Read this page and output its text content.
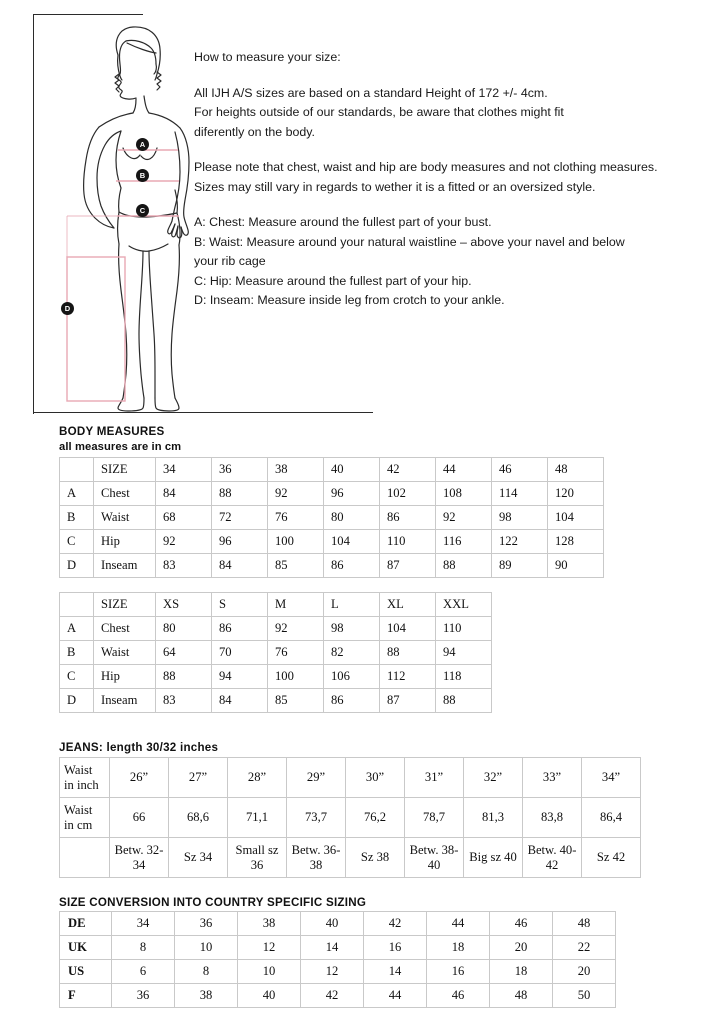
A
B
C
D

How to measure your size:

All IJH A/S sizes are based on a standard Height of 172 +/- 4cm.
For heights outside of our standards, be aware that clothes might fit
diferently on the body.

Please note that chest, waist and hip are body measures and not clothing measures.
Sizes may still vary in regards to wether it is a fitted or an oversized style.

A: Chest: Measure around the fullest part of your bust.
B: Waist: Measure around your natural waistline – above your navel and below
your rib cage
C: Hip: Measure around the fullest part of your hip.
D: Inseam: Measure inside leg from crotch to your ankle.

BODY MEASURES
all measures are in cm
	SIZE	34	36	38	40	42	44	46	48
A	Chest	84	88	92	96	102	108	114	120
B	Waist	68	72	76	80	86	92	98	104
C	Hip	92	96	100	104	110	116	122	128
D	Inseam	83	84	85	86	87	88	89	90
	SIZE	XS	S	M	L	XL	XXL
A	Chest	80	86	92	98	104	110
B	Waist	64	70	76	82	88	94
C	Hip	88	94	100	106	112	118
D	Inseam	83	84	85	86	87	88
JEANS: length 30/32 inches
Waist
in inch	26”	27”	28”	29”	30”	31”	32”	33”	34”
Waist
in cm	66	68,6	71,1	73,7	76,2	78,7	81,3	83,8	86,4
	Betw. 32-34	Sz 34	Small sz 36	Betw. 36-38	Sz 38	Betw. 38-40	Big sz 40	Betw. 40-42	Sz 42
SIZE CONVERSION INTO COUNTRY SPECIFIC SIZING
DE	34	36	38	40	42	44	46	48
UK	8	10	12	14	16	18	20	22
US	6	8	10	12	14	16	18	20
F	36	38	40	42	44	46	48	50
